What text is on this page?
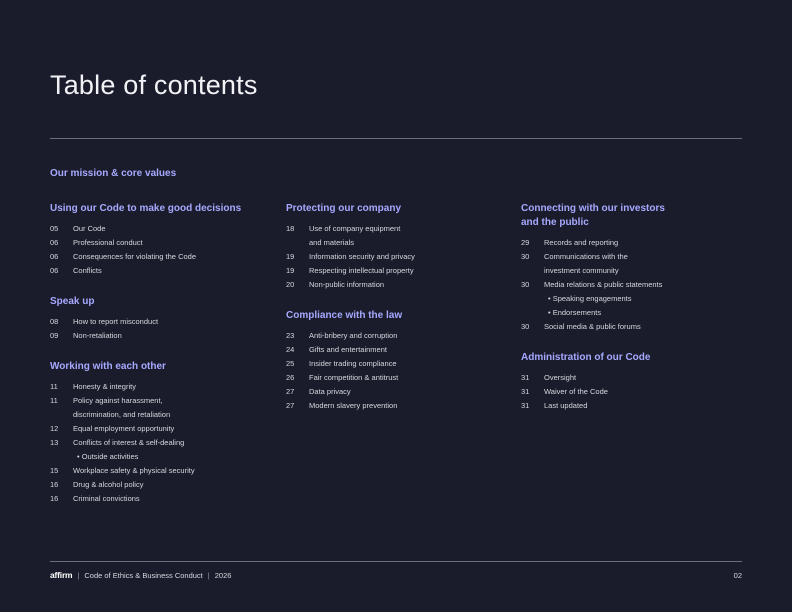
Table of contents

Our mission & core values

Using our Code to make good decisions
05	Our Code
06	Professional conduct
06	Consequences for violating the Code
06	Conflicts
Speak up
08	How to report misconduct
09	Non-retaliation
Working with each other
11	Honesty & integrity
11	Policy against harassment,
discrimination, and retaliation
12	Equal employment opportunity
13	Conflicts of interest & self-dealing
• Outside activities
15	Workplace safety & physical security
16	Drug & alcohol policy
16	Criminal convictions
Protecting our company
18	Use of company equipment
and materials
19	Information security and privacy
19	Respecting intellectual property
20	Non-public information
Compliance with the law
23	Anti-bribery and corruption
24	Gifts and entertainment
25	Insider trading compliance
26	Fair competition & antitrust
27	Data privacy
27	Modern slavery prevention
Connecting with our investors
and the public
29	Records and reporting
30	Communications with the
investment community
30	Media relations & public statements
• Speaking engagements
• Endorsements
30	Social media & public forums
Administration of our Code
31	Oversight
31	Waiver of the Code
31	Last updated
affirm | Code of Ethics & Business Conduct | 2026	02
